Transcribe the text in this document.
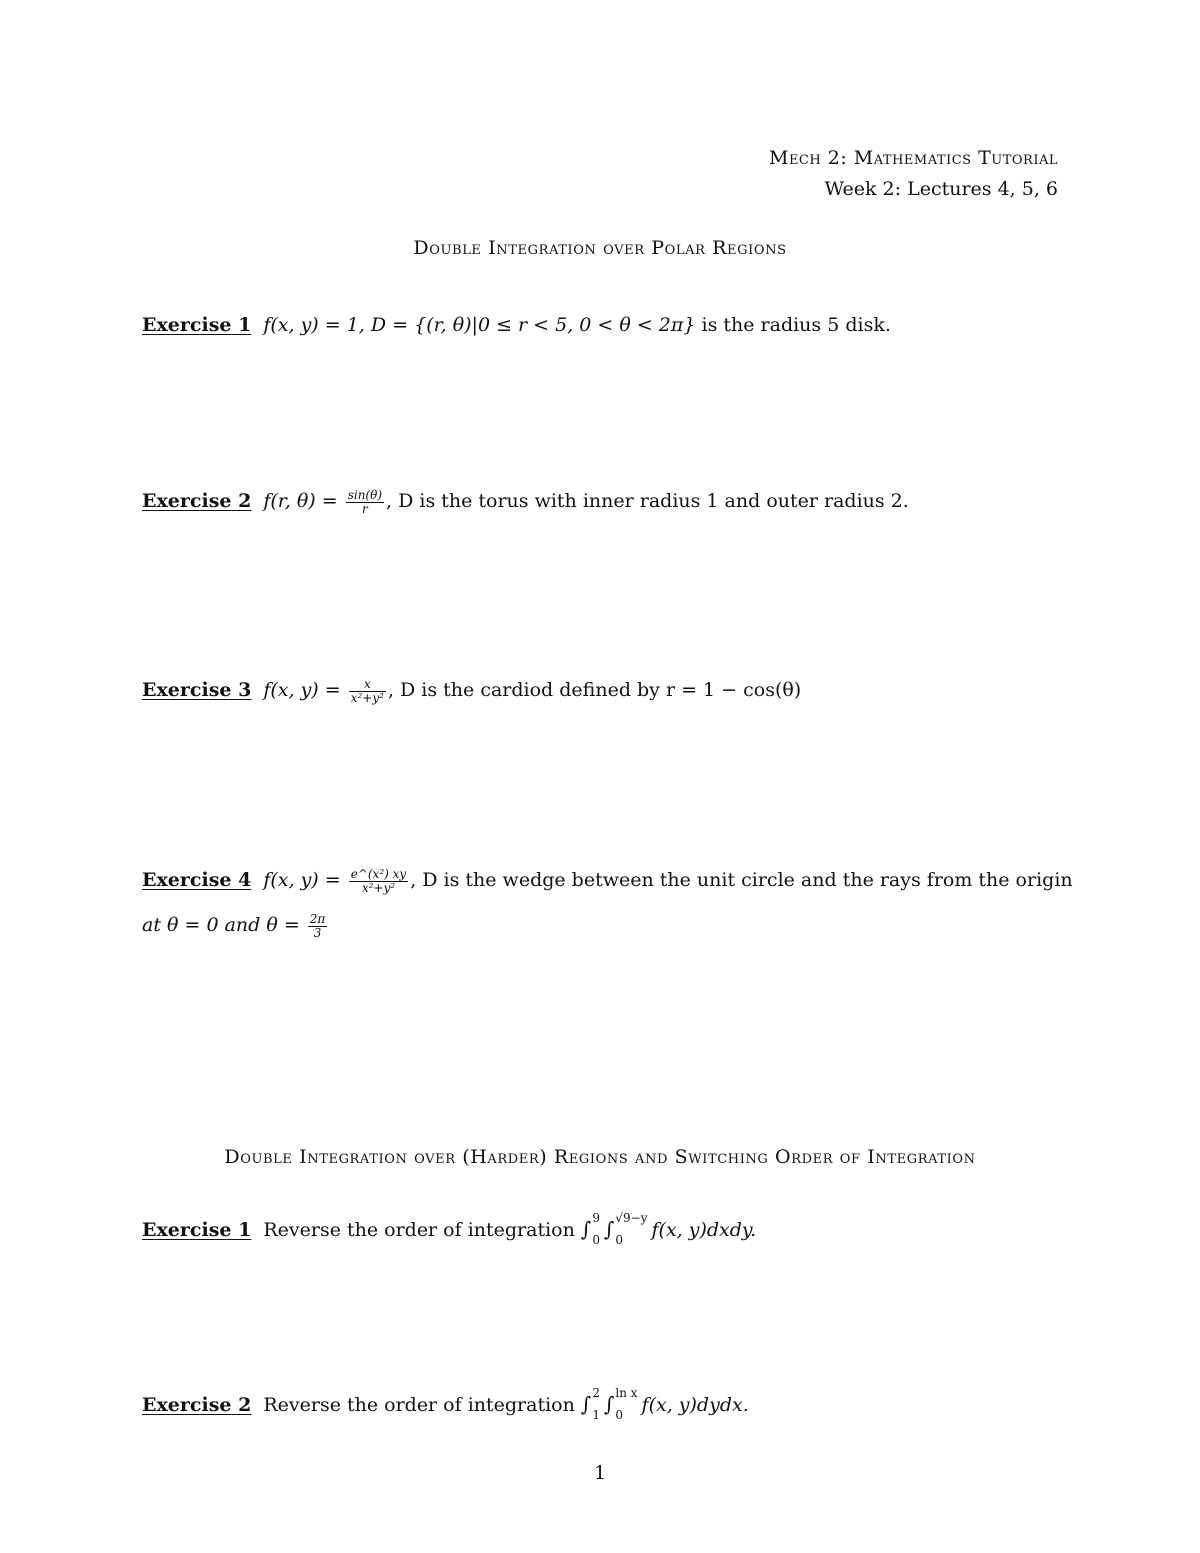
Mech 2: Mathematics Tutorial
Week 2: Lectures 4, 5, 6
Double Integration over Polar Regions
Exercise 1 f(x, y) = 1, D = {(r, θ)|0 ≤ r < 5, 0 < θ < 2π} is the radius 5 disk.
Exercise 2 f(r, $\theta) = \frac{\sin(\theta)}{r}$ , D is the torus with inner radius 1 and outer radius 2.
Exercise 3 f(x, $y) = \frac{x}{\text{x²+y²}}$ , D is the cardiod defined by r = 1 − cos(θ)
Exercise 4 f(x, $y) = \frac{\text{e\textasciicircum{}(x²) xy}}{\text{x²+y²}}$ , D is the wedge between the unit circle and the rays from the origin
at θ = 0 and $\theta = \frac{2\pi}{3}$
Double Integration over (Harder) Regions and Switching Order of Integration
Exercise 1 Reverse the order of integration ∫ 9
0 ∫ √9−y
0	f(x, y)dxdy.
Exercise 2 Reverse the order of integration ∫ 2
1 ∫ ln x
0 f(x, y)dydx.
1
